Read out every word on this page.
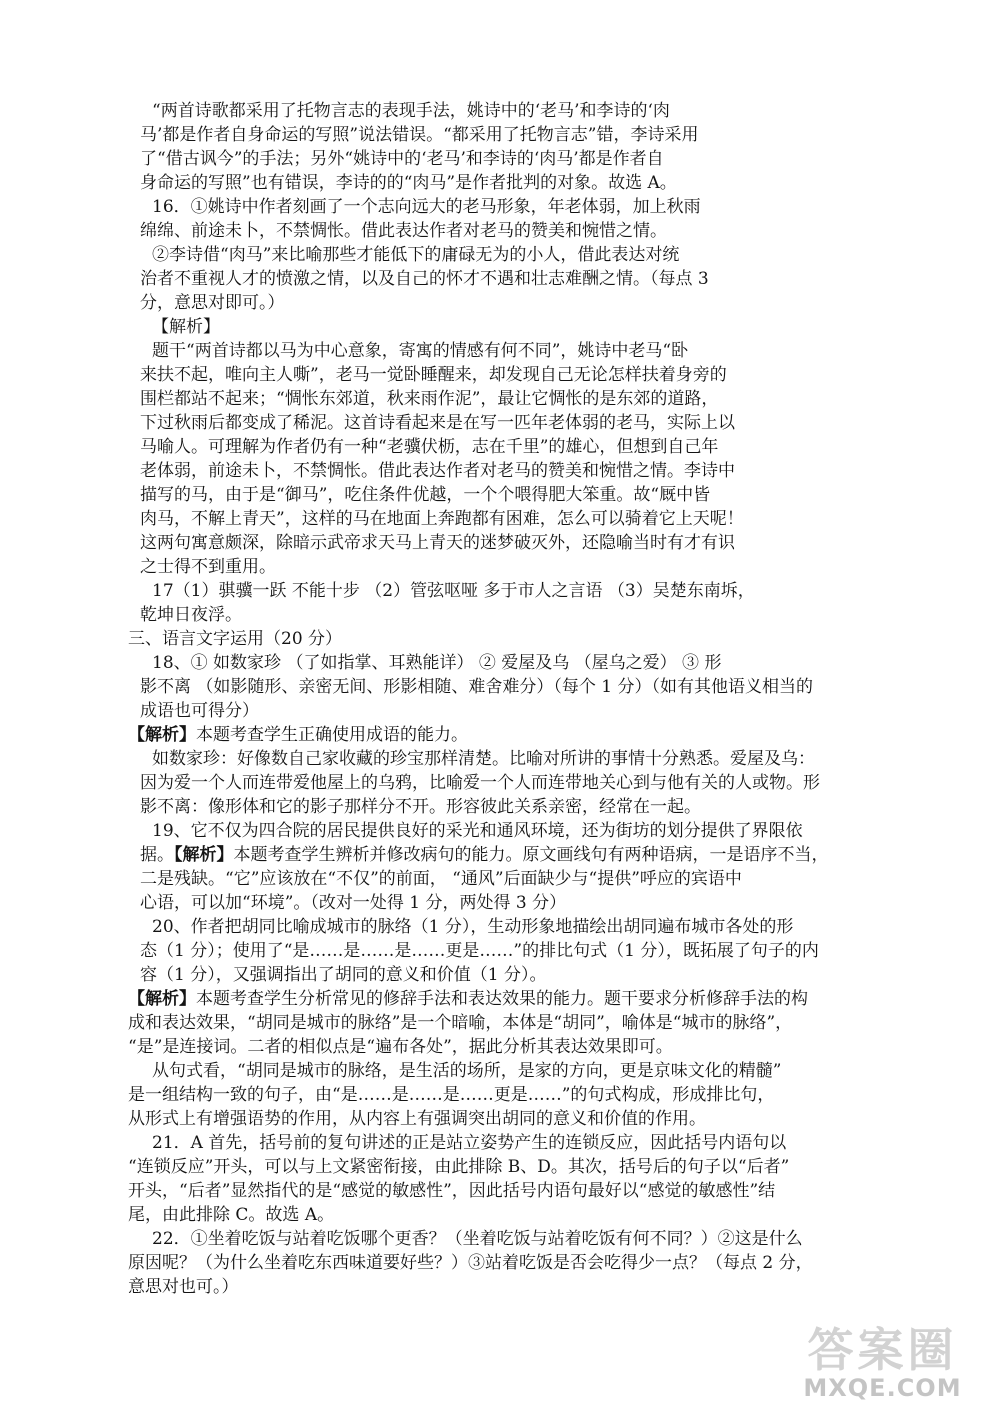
“两首诗歌都采用了托物言志的表现手法，姚诗中的‘老马’和李诗的‘肉

马’都是作者自身命运的写照”说法错误。“都采用了托物言志”错，李诗采用

了“借古讽今”的手法；另外“姚诗中的‘老马’和李诗的‘肉马’都是作者自

身命运的写照”也有错误，李诗的的“肉马”是作者批判的对象。故选 A。

16．①姚诗中作者刻画了一个志向远大的老马形象，年老体弱，加上秋雨

绵绵、前途未卜，不禁惆怅。借此表达作者对老马的赞美和惋惜之情。

②李诗借“肉马”来比喻那些才能低下的庸碌无为的小人，借此表达对统

治者不重视人才的愤激之情，以及自己的怀才不遇和壮志难酬之情。（每点 3

分，意思对即可。）

【解析】

题干“两首诗都以马为中心意象，寄寓的情感有何不同”，姚诗中老马“卧

来扶不起，唯向主人嘶”，老马一觉卧睡醒来，却发现自己无论怎样扶着身旁的

围栏都站不起来；“惆怅东郊道，秋来雨作泥”，最让它惆怅的是东郊的道路，

下过秋雨后都变成了稀泥。这首诗看起来是在写一匹年老体弱的老马，实际上以

马喻人。可理解为作者仍有一种“老骥伏枥，志在千里”的雄心，但想到自己年

老体弱，前途未卜，不禁惆怅。借此表达作者对老马的赞美和惋惜之情。李诗中

描写的马，由于是“御马”，吃住条件优越，一个个喂得肥大笨重。故“厩中皆

肉马，不解上青天”，这样的马在地面上奔跑都有困难，怎么可以骑着它上天呢！

这两句寓意颇深，除暗示武帝求天马上青天的迷梦破灭外，还隐喻当时有才有识

之士得不到重用。

17（1）骐骥一跃 不能十步 （2）管弦呕哑 多于市人之言语 （3）吴楚东南坼，

乾坤日夜浮。

三、语言文字运用（20 分）

18、① 如数家珍 （了如指掌、耳熟能详） ② 爱屋及乌 （屋乌之爱） ③ 形

影不离 （如影随形、亲密无间、形影相随、难舍难分）（每个 1 分）（如有其他语义相当的

成语也可得分）

【解析】本题考查学生正确使用成语的能力。

如数家珍：好像数自己家收藏的珍宝那样清楚。比喻对所讲的事情十分熟悉。爱屋及乌：

因为爱一个人而连带爱他屋上的乌鸦，比喻爱一个人而连带地关心到与他有关的人或物。形

影不离：像形体和它的影子那样分不开。形容彼此关系亲密，经常在一起。

19、它不仅为四合院的居民提供良好的采光和通风环境，还为街坊的划分提供了界限依

据。【解析】本题考查学生辨析并修改病句的能力。原文画线句有两种语病，一是语序不当，

二是残缺。“它”应该放在“不仅”的前面， “通风”后面缺少与“提供”呼应的宾语中

心语，可以加“环境”。（改对一处得 1 分，两处得 3 分）

20、作者把胡同比喻成城市的脉络（1 分），生动形象地描绘出胡同遍布城市各处的形

态（1 分）；使用了“是……是……是……更是……”的排比句式（1 分），既拓展了句子的内

容（1 分），又强调指出了胡同的意义和价值（1 分）。

【解析】本题考查学生分析常见的修辞手法和表达效果的能力。题干要求分析修辞手法的构

成和表达效果，“胡同是城市的脉络”是一个暗喻，本体是“胡同”，喻体是“城市的脉络”，

“是”是连接词。二者的相似点是“遍布各处”，据此分析其表达效果即可。

从句式看，“胡同是城市的脉络，是生活的场所，是家的方向，更是京味文化的精髓”

是一组结构一致的句子，由“是……是……是……更是……”的句式构成，形成排比句，

从形式上有增强语势的作用，从内容上有强调突出胡同的意义和价值的作用。

21．A 首先，括号前的复句讲述的正是站立姿势产生的连锁反应，因此括号内语句以

“连锁反应”开头，可以与上文紧密衔接，由此排除 B、D。其次，括号后的句子以“后者”

开头，“后者”显然指代的是“感觉的敏感性”，因此括号内语句最好以“感觉的敏感性”结

尾，由此排除 C。故选 A。

22．①坐着吃饭与站着吃饭哪个更香？（坐着吃饭与站着吃饭有何不同？）②这是什么

原因呢？（为什么坐着吃东西味道要好些？）③站着吃饭是否会吃得少一点？（每点 2 分，

意思对也可。）

答案圈
MXQE.COM
